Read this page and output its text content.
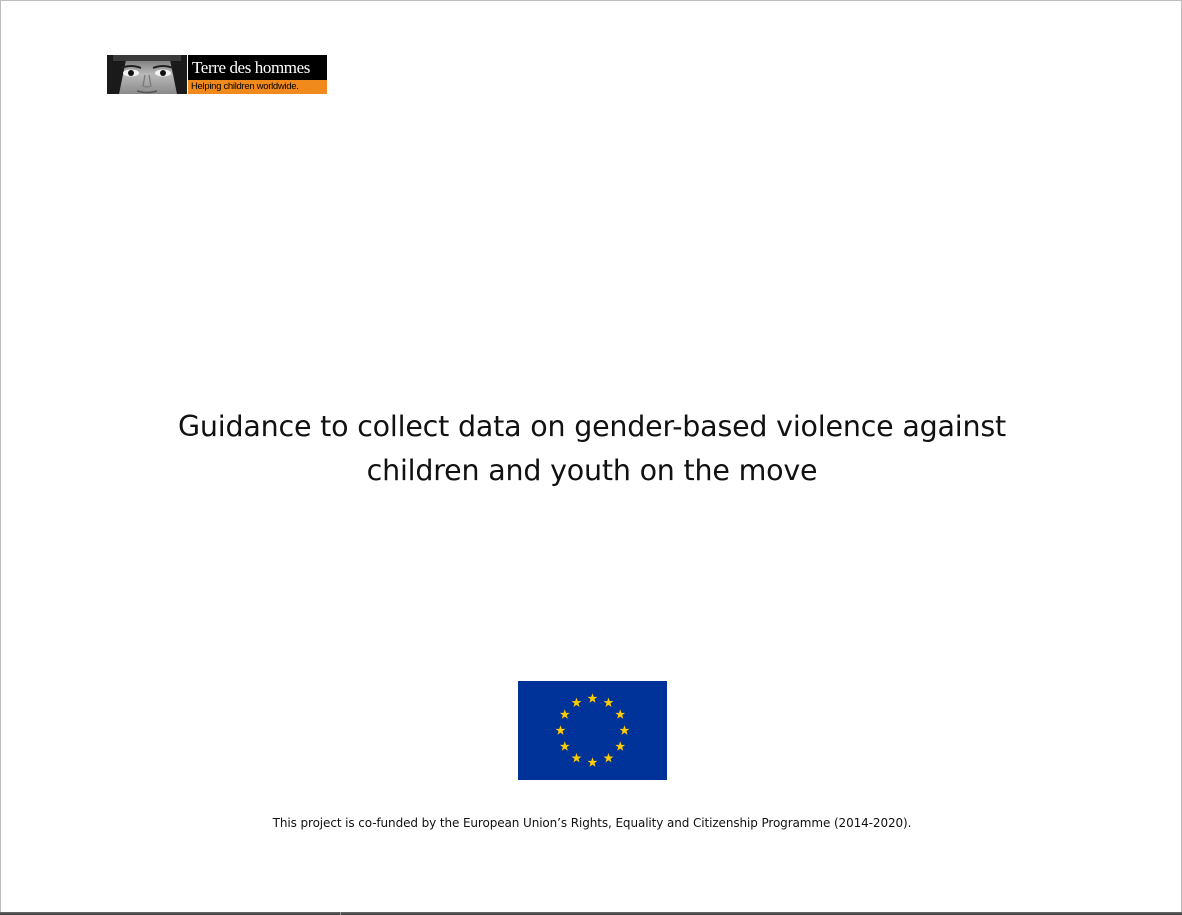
Terre des hommes
Helping children worldwide.
Guidance to collect data on gender-based violence against
children and youth on the move
This project is co-funded by the European Union’s Rights, Equality and Citizenship Programme (2014-2020).
